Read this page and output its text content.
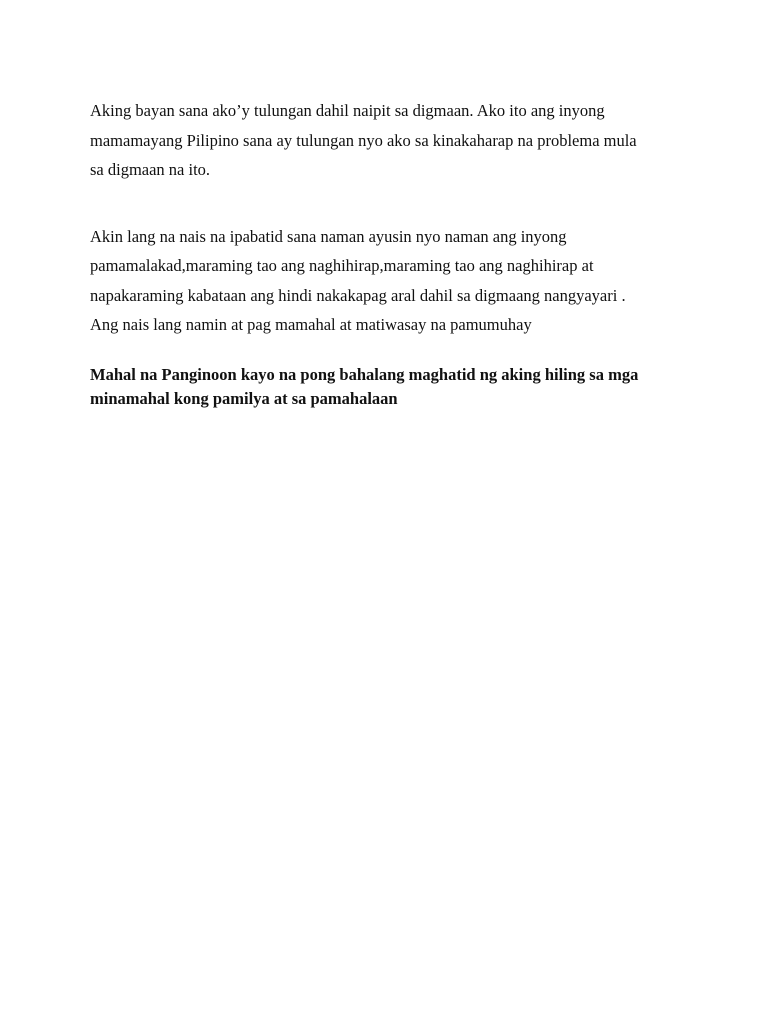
Aking bayan sana ako’y tulungan dahil naipit sa digmaan. Ako ito ang inyong
mamamayang Pilipino sana ay tulungan nyo ako sa kinakaharap na problema mula
sa digmaan na ito.

Akin lang na nais na ipabatid sana naman ayusin nyo naman ang inyong
pamamalakad,maraming tao ang naghihirap,maraming tao ang naghihirap at
napakaraming kabataan ang hindi nakakapag aral dahil sa digmaang nangyayari .
Ang nais lang namin at pag mamahal at matiwasay na pamumuhay

Mahal na Panginoon kayo na pong bahalang maghatid ng aking hiling sa mga
minamahal kong pamilya at sa pamahalaan
